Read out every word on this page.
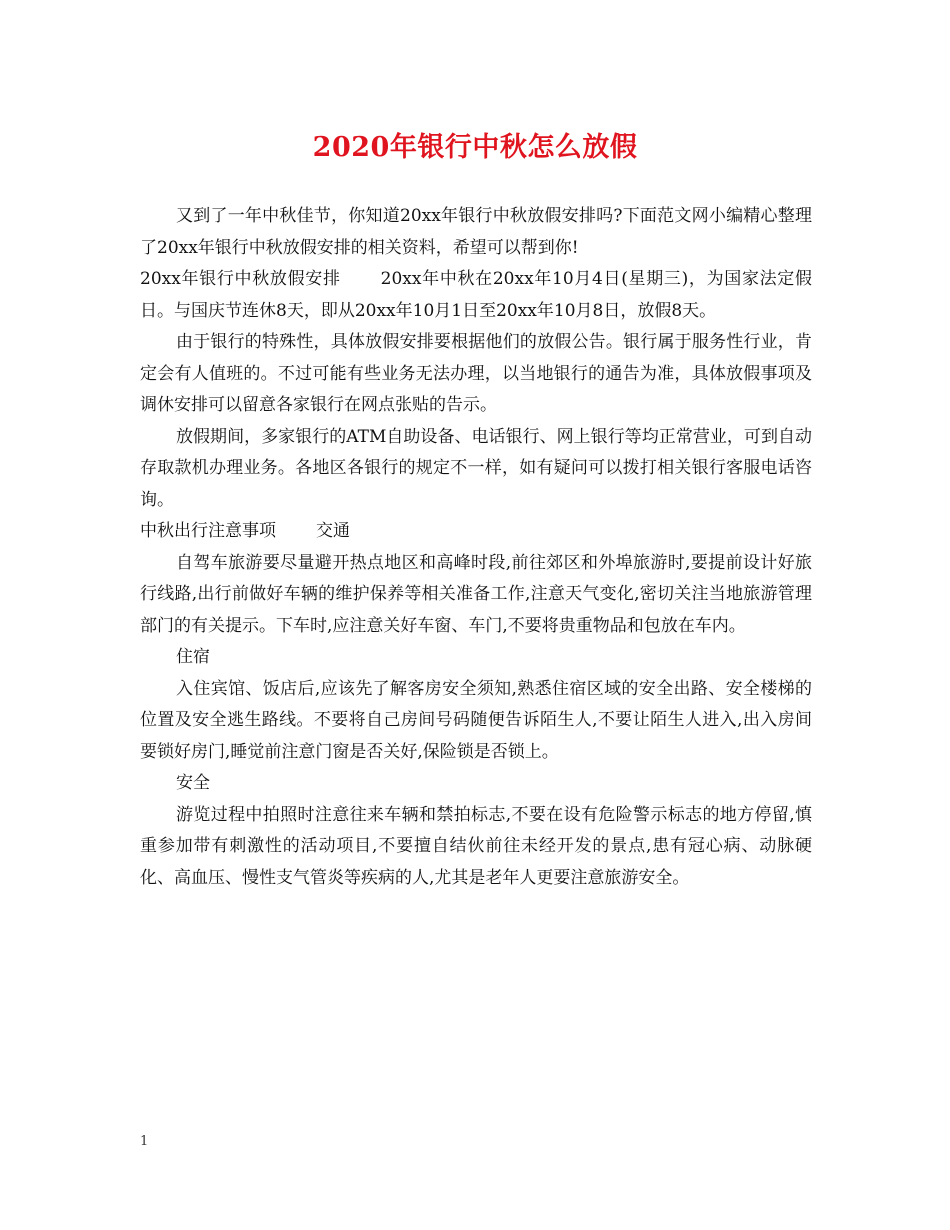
2020年银行中秋怎么放假

又到了一年中秋佳节，你知道20xx年银行中秋放假安排吗?下面范文网小编精心整理了20xx年银行中秋放假安排的相关资料，希望可以帮到你!

20xx年银行中秋放假安排 20xx年中秋在20xx年10月4日(星期三)，为国家法定假日。与国庆节连休8天，即从20xx年10月1日至20xx年10月8日，放假8天。

由于银行的特殊性，具体放假安排要根据他们的放假公告。银行属于服务性行业，肯定会有人值班的。不过可能有些业务无法办理，以当地银行的通告为准，具体放假事项及调休安排可以留意各家银行在网点张贴的告示。

放假期间，多家银行的ATM自助设备、电话银行、网上银行等均正常营业，可到自动存取款机办理业务。各地区各银行的规定不一样，如有疑问可以拨打相关银行客服电话咨询。

中秋出行注意事项 交通

自驾车旅游要尽量避开热点地区和高峰时段,前往郊区和外埠旅游时,要提前设计好旅行线路,出行前做好车辆的维护保养等相关准备工作,注意天气变化,密切关注当地旅游管理部门的有关提示。下车时,应注意关好车窗、车门,不要将贵重物品和包放在车内。

住宿

入住宾馆、饭店后,应该先了解客房安全须知,熟悉住宿区域的安全出路、安全楼梯的位置及安全逃生路线。不要将自己房间号码随便告诉陌生人,不要让陌生人进入,出入房间要锁好房门,睡觉前注意门窗是否关好,保险锁是否锁上。

安全

游览过程中拍照时注意往来车辆和禁拍标志,不要在设有危险警示标志的地方停留,慎重参加带有刺激性的活动项目,不要擅自结伙前往未经开发的景点,患有冠心病、动脉硬化、高血压、慢性支气管炎等疾病的人,尤其是老年人更要注意旅游安全。

1
